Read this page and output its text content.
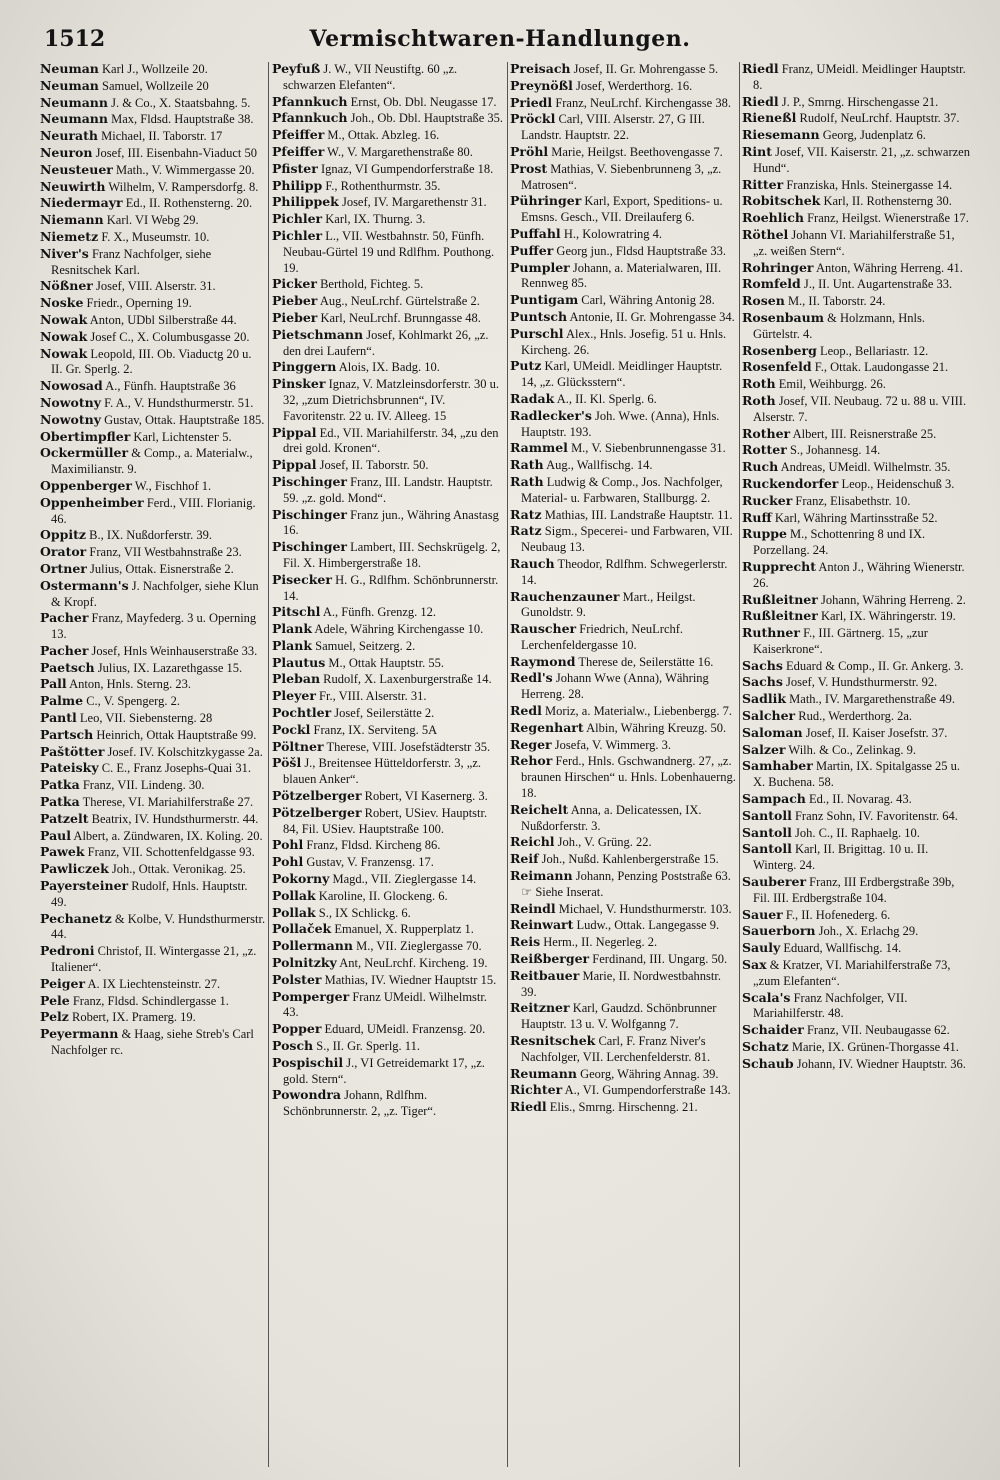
1512	Vermischtwaren-Handlungen.
Neuman Karl J., Wollzeile 20.
Neuman Samuel, Wollzeile 20
Neumann J. & Co., X. Staatsbahng. 5.
Neumann Max, Fldsd. Hauptstraße 38.
Neurath Michael, II. Taborstr. 17
Neuron Josef, III. Eisenbahn-Viaduct 50
Neusteuer Math., V. Wimmergasse 20.
Neuwirth Wilhelm, V. Rampersdorfg. 8.
Niedermayr Ed., II. Rothensterng. 20.
Niemann Karl. VI Webg 29.
Niemetz F. X., Museumstr. 10.
Niver's Franz Nachfolger, siehe Resnitschek Karl.
Nößner Josef, VIII. Alserstr. 31.
Noske Friedr., Operning 19.
Nowak Anton, UDbl Silberstraße 44.
Nowak Josef C., X. Columbusgasse 20.
Nowak Leopold, III. Ob. Viaductg 20 u. II. Gr. Sperlg. 2.
Nowosad A., Fünfh. Hauptstraße 36
Nowotny F. A., V. Hundsthurmerstr. 51.
Nowotny Gustav, Ottak. Hauptstraße 185.
Obertimpfler Karl, Lichtenstег 5.
Ockermüller & Comp., a. Materialw., Maximilianstr. 9.
Oppenberger W., Fischhof 1.
Oppenheimber Ferd., VIII. Florianig. 46.
Oppitz B., IX. Nußdorferstr. 39.
Orator Franz, VII Westbahnstraße 23.
Ortner Julius, Ottak. Eisnerstraße 2.
Ostermann's J. Nachfolger, siehe Klun & Kropf.
Pacher Franz, Mayfederg. 3 u. Operning 13.
Pacher Josef, Hnls Weinhauserstraße 33.
Paetsch Julius, IX. Lazarethgasse 15.
Pall Anton, Hnls. Sterng. 23.
Palme C., V. Spengerg. 2.
Pantl Leo, VII. Siebensterng. 28
Partsch Heinrich, Ottak Hauptstraße 99.
Paštötter Josef. IV. Kolschitzkygasse 2a.
Pateisky C. E., Franz Josephs-Quai 31.
Patka Franz, VII. Lindeng. 30.
Patka Therese, VI. Mariahilferstraße 27.
Patzelt Beatrix, IV. Hundsthurmerstr. 44.
Paul Albert, a. Zündwaren, IX. Koling. 20.
Pawek Franz, VII. Schottenfeldgasse 93.
Pawliczek Joh., Ottak. Veronikag. 25.
Payersteiner Rudolf, Hnls. Hauptstr. 49.
Pechanetz & Kolbe, V. Hundsthurmerstr. 44.
Pedroni Christof, II. Wintergasse 21, „z. Italiener“.
Peiger A. IX Liechtensteinstr. 27.
Pele Franz, Fldsd. Schindlergasse 1.
Pelz Robert, IX. Pramerg. 19.
Peyermann & Haag, siehe Streb's Carl Nachfolger rc.
Peyfuß J. W., VII Neustiftg. 60 „z. schwarzen Elefanten“.
Pfannkuch Ernst, Ob. Dbl. Neugasse 17.
Pfannkuch Joh., Ob. Dbl. Hauptstraße 35.
Pfeiffer M., Ottak. Abzleg. 16.
Pfeiffer W., V. Margarethenstraße 80.
Pfister Ignaz, VI Gumpendorferstraße 18.
Philipp F., Rothenthurmstr. 35.
Philippek Josef, IV. Margarethenstr 31.
Pichler Karl, IX. Thurng. 3.
Pichler L., VII. Westbahnstr. 50, Fünfh. Neubau-Gürtel 19 und Rdlfhm. Pouthong. 19.
Picker Berthold, Fichteg. 5.
Pieber Aug., NeuLrchf. Gürtelstraße 2.
Pieber Karl, NeuLrchf. Brunngasse 48.
Pietschmann Josef, Kohlmarkt 26, „z. den drei Laufern“.
Pinggern Alois, IX. Badg. 10.
Pinsker Ignaz, V. Matzleinsdorferstr. 30 u. 32, „zum Dietrichsbrunnen“, IV. Favoritenstr. 22 u. IV. Alleeg. 15
Pippal Ed., VII. Mariahilferstr. 34, „zu den drei gold. Kronen“.
Pippal Josef, II. Taborstr. 50.
Pischinger Franz, III. Landstr. Hauptstr. 59. „z. gold. Mond“.
Pischinger Franz jun., Währing Anastasg 16.
Pischinger Lambert, III. Sechskrügelg. 2, Fil. X. Himbergerstraße 18.
Pisecker H. G., Rdlfhm. Schönbrunnerstr. 14.
Pitschl A., Fünfh. Grenzg. 12.
Plank Adele, Währing Kirchengasse 10.
Plank Samuel, Seitzerg. 2.
Plautus M., Ottak Hauptstr. 55.
Pleban Rudolf, X. Laxenburgerstraße 14.
Pleyer Fr., VIII. Alserstr. 31.
Pochtler Josef, Seilerstätte 2.
Pockl Franz, IX. Serviteng. 5A
Pöltner Therese, VIII. Josefstädterstr 35.
Pöšl J., Breitensee Hütteldorferstr. 3, „z. blauen Anker“.
Pötzelberger Robert, VI Kasernerg. 3.
Pötzelberger Robert, USiev. Hauptstr. 84, Fil. USiev. Hauptstraße 100.
Pohl Franz, Fldsd. Kircheng 86.
Pohl Gustav, V. Franzensg. 17.
Pokorny Magd., VII. Zieglergasse 14.
Pollak Karoline, II. Glockeng. 6.
Pollak S., IX Schlickg. 6.
Pollaček Emanuel, X. Rupperplatz 1.
Pollermann M., VII. Zieglergasse 70.
Polnitzky Ant, NeuLrchf. Kircheng. 19.
Polster Mathias, IV. Wiedner Hauptstr 15.
Pomperger Franz UMeidl. Wilhelmstr. 43.
Popper Eduard, UMeidl. Franzensg. 20.
Posch S., II. Gr. Sperlg. 11.
Pospischil J., VI Getreidemarkt 17, „z. gold. Stern“.
Powondra Johann, Rdlfhm. Schönbrunnerstr. 2, „z. Tiger“.
Preisach Josef, II. Gr. Mohrengasse 5.
Preynößl Josef, Werderthorg. 16.
Priedl Franz, NeuLrchf. Kirchengasse 38.
Pröckl Carl, VIII. Alserstr. 27, G III. Landstr. Hauptstr. 22.
Pröhl Marie, Heilgst. Beethovengasse 7.
Prost Mathias, V. Siebenbrunneng 3, „z. Matrosen“.
Pühringer Karl, Export, Speditions- u. Emsns. Gesch., VII. Dreilauferg 6.
Puffahl H., Kolowratring 4.
Puffer Georg jun., Fldsd Hauptstraße 33.
Pumpler Johann, a. Materialwaren, III. Rennweg 85.
Puntigam Carl, Währing Antonig 28.
Puntsch Antonie, II. Gr. Mohrengasse 34.
Purschl Alex., Hnls. Josefig. 51 u. Hnls. Kircheng. 26.
Putz Karl, UMeidl. Meidlinger Hauptstr. 14, „z. Glücksstern“.
Radak A., II. Kl. Sperlg. 6.
Radlecker's Joh. Wwe. (Anna), Hnls. Hauptstr. 193.
Rammel M., V. Siebenbrunnengasse 31.
Rath Aug., Wallfischg. 14.
Rath Ludwig & Comp., Jos. Nachfolger, Material- u. Farbwaren, Stallburgg. 2.
Ratz Mathias, III. Landstraße Hauptstr. 11.
Ratz Sigm., Specerei- und Farbwaren, VII. Neubaug 13.
Rauch Theodor, Rdlfhm. Schwegerlerstr. 14.
Rauchenzauner Mart., Heilgst. Gunoldstr. 9.
Rauscher Friedrich, NeuLrchf. Lerchenfeldergasse 10.
Raymond Therese de, Seilerstätte 16.
Redl's Johann Wwe (Anna), Währing Herreng. 28.
Redl Moriz, a. Materialw., Liebenbergg. 7.
Regenhart Albin, Währing Kreuzg. 50.
Reger Josefa, V. Wimmerg. 3.
Rehor Ferd., Hnls. Gschwandnerg. 27, „z. braunen Hirschen“ u. Hnls. Lobenhauerng. 18.
Reichelt Anna, a. Delicatessen, IX. Nußdorferstr. 3.
Reichl Joh., V. Grüng. 22.
Reif Joh., Nußd. Kahlenbergerstraße 15.
Reimann Johann, Penzing Poststraße 63. ☞ Siehe Inserat.
Reindl Michael, V. Hundsthurmerstr. 103.
Reinwart Ludw., Ottak. Langegasse 9.
Reis Herm., II. Negerleg. 2.
Reißberger Ferdinand, III. Ungarg. 50.
Reitbauer Marie, II. Nordwestbahnstr. 39.
Reitzner Karl, Gaudzd. Schönbrunner Hauptstr. 13 u. V. Wolfganng 7.
Resnitschek Carl, F. Franz Niver's Nachfolger, VII. Lerchenfelderstr. 81.
Reumann Georg, Währing Annag. 39.
Richter A., VI. Gumpendorferstraße 143.
Riedl Elis., Smrng. Hirschenng. 21.
Riedl Franz, UMeidl. Meidlinger Hauptstr. 8.
Riedl J. P., Smrng. Hirschengasse 21.
Rieneßl Rudolf, NeuLrchf. Hauptstr. 37.
Riesemann Georg, Judenplatz 6.
Rint Josef, VII. Kaiserstr. 21, „z. schwarzen Hund“.
Ritter Franziska, Hnls. Steinergasse 14.
Robitschek Karl, II. Rothensterng 30.
Roehlich Franz, Heilgst. Wienerstraße 17.
Röthel Johann VI. Mariahilferstraße 51, „z. weißen Stern“.
Rohringer Anton, Währing Herreng. 41.
Romfeld J., II. Unt. Augartenstraße 33.
Rosen M., II. Taborstr. 24.
Rosenbaum & Holzmann, Hnls. Gürtelstr. 4.
Rosenberg Leop., Bellariastr. 12.
Rosenfeld F., Ottak. Laudongasse 21.
Roth Emil, Weihburgg. 26.
Roth Josef, VII. Neubaug. 72 u. 88 u. VIII. Alserstr. 7.
Rother Albert, III. Reisnerstraße 25.
Rotter S., Johannesg. 14.
Ruch Andreas, UMeidl. Wilhelmstr. 35.
Ruckendorfer Leop., Heidenschuß 3.
Rucker Franz, Elisabethstr. 10.
Ruff Karl, Währing Martinsstraße 52.
Ruppe M., Schottenring 8 und IX. Porzellang. 24.
Rupprecht Anton J., Währing Wienerstr. 26.
Rußleitner Johann, Währing Herreng. 2.
Rußleitner Karl, IX. Währingerstr. 19.
Ruthner F., III. Gärtnerg. 15, „zur Kaiserkrone“.
Sachs Eduard & Comp., II. Gr. Ankerg. 3.
Sachs Josef, V. Hundsthurmerstr. 92.
Sadlik Math., IV. Margarethenstraße 49.
Salcher Rud., Werderthorg. 2a.
Saloman Josef, II. Kaiser Josefstr. 37.
Salzer Wilh. & Co., Zelinkag. 9.
Samhaber Martin, IX. Spitalgasse 25 u. X. Buchena. 58.
Sampach Ed., II. Novarag. 43.
Santoll Franz Sohn, IV. Favoritenstr. 64.
Santoll Joh. C., II. Raphaelg. 10.
Santoll Karl, II. Brigittag. 10 u. II. Winterg. 24.
Sauberer Franz, III Erdbergstraße 39b, Fil. III. Erdbergstraße 104.
Sauer F., II. Hofenederg. 6.
Sauerborn Joh., X. Erlachg 29.
Sauly Eduard, Wallfischg. 14.
Sax & Kratzer, VI. Mariahilferstraße 73, „zum Elefanten“.
Scala's Franz Nachfolger, VII. Mariahilferstr. 48.
Schaider Franz, VII. Neubaugasse 62.
Schatz Marie, IX. Grünen-Thorgasse 41.
Schaub Johann, IV. Wiedner Hauptstr. 36.
